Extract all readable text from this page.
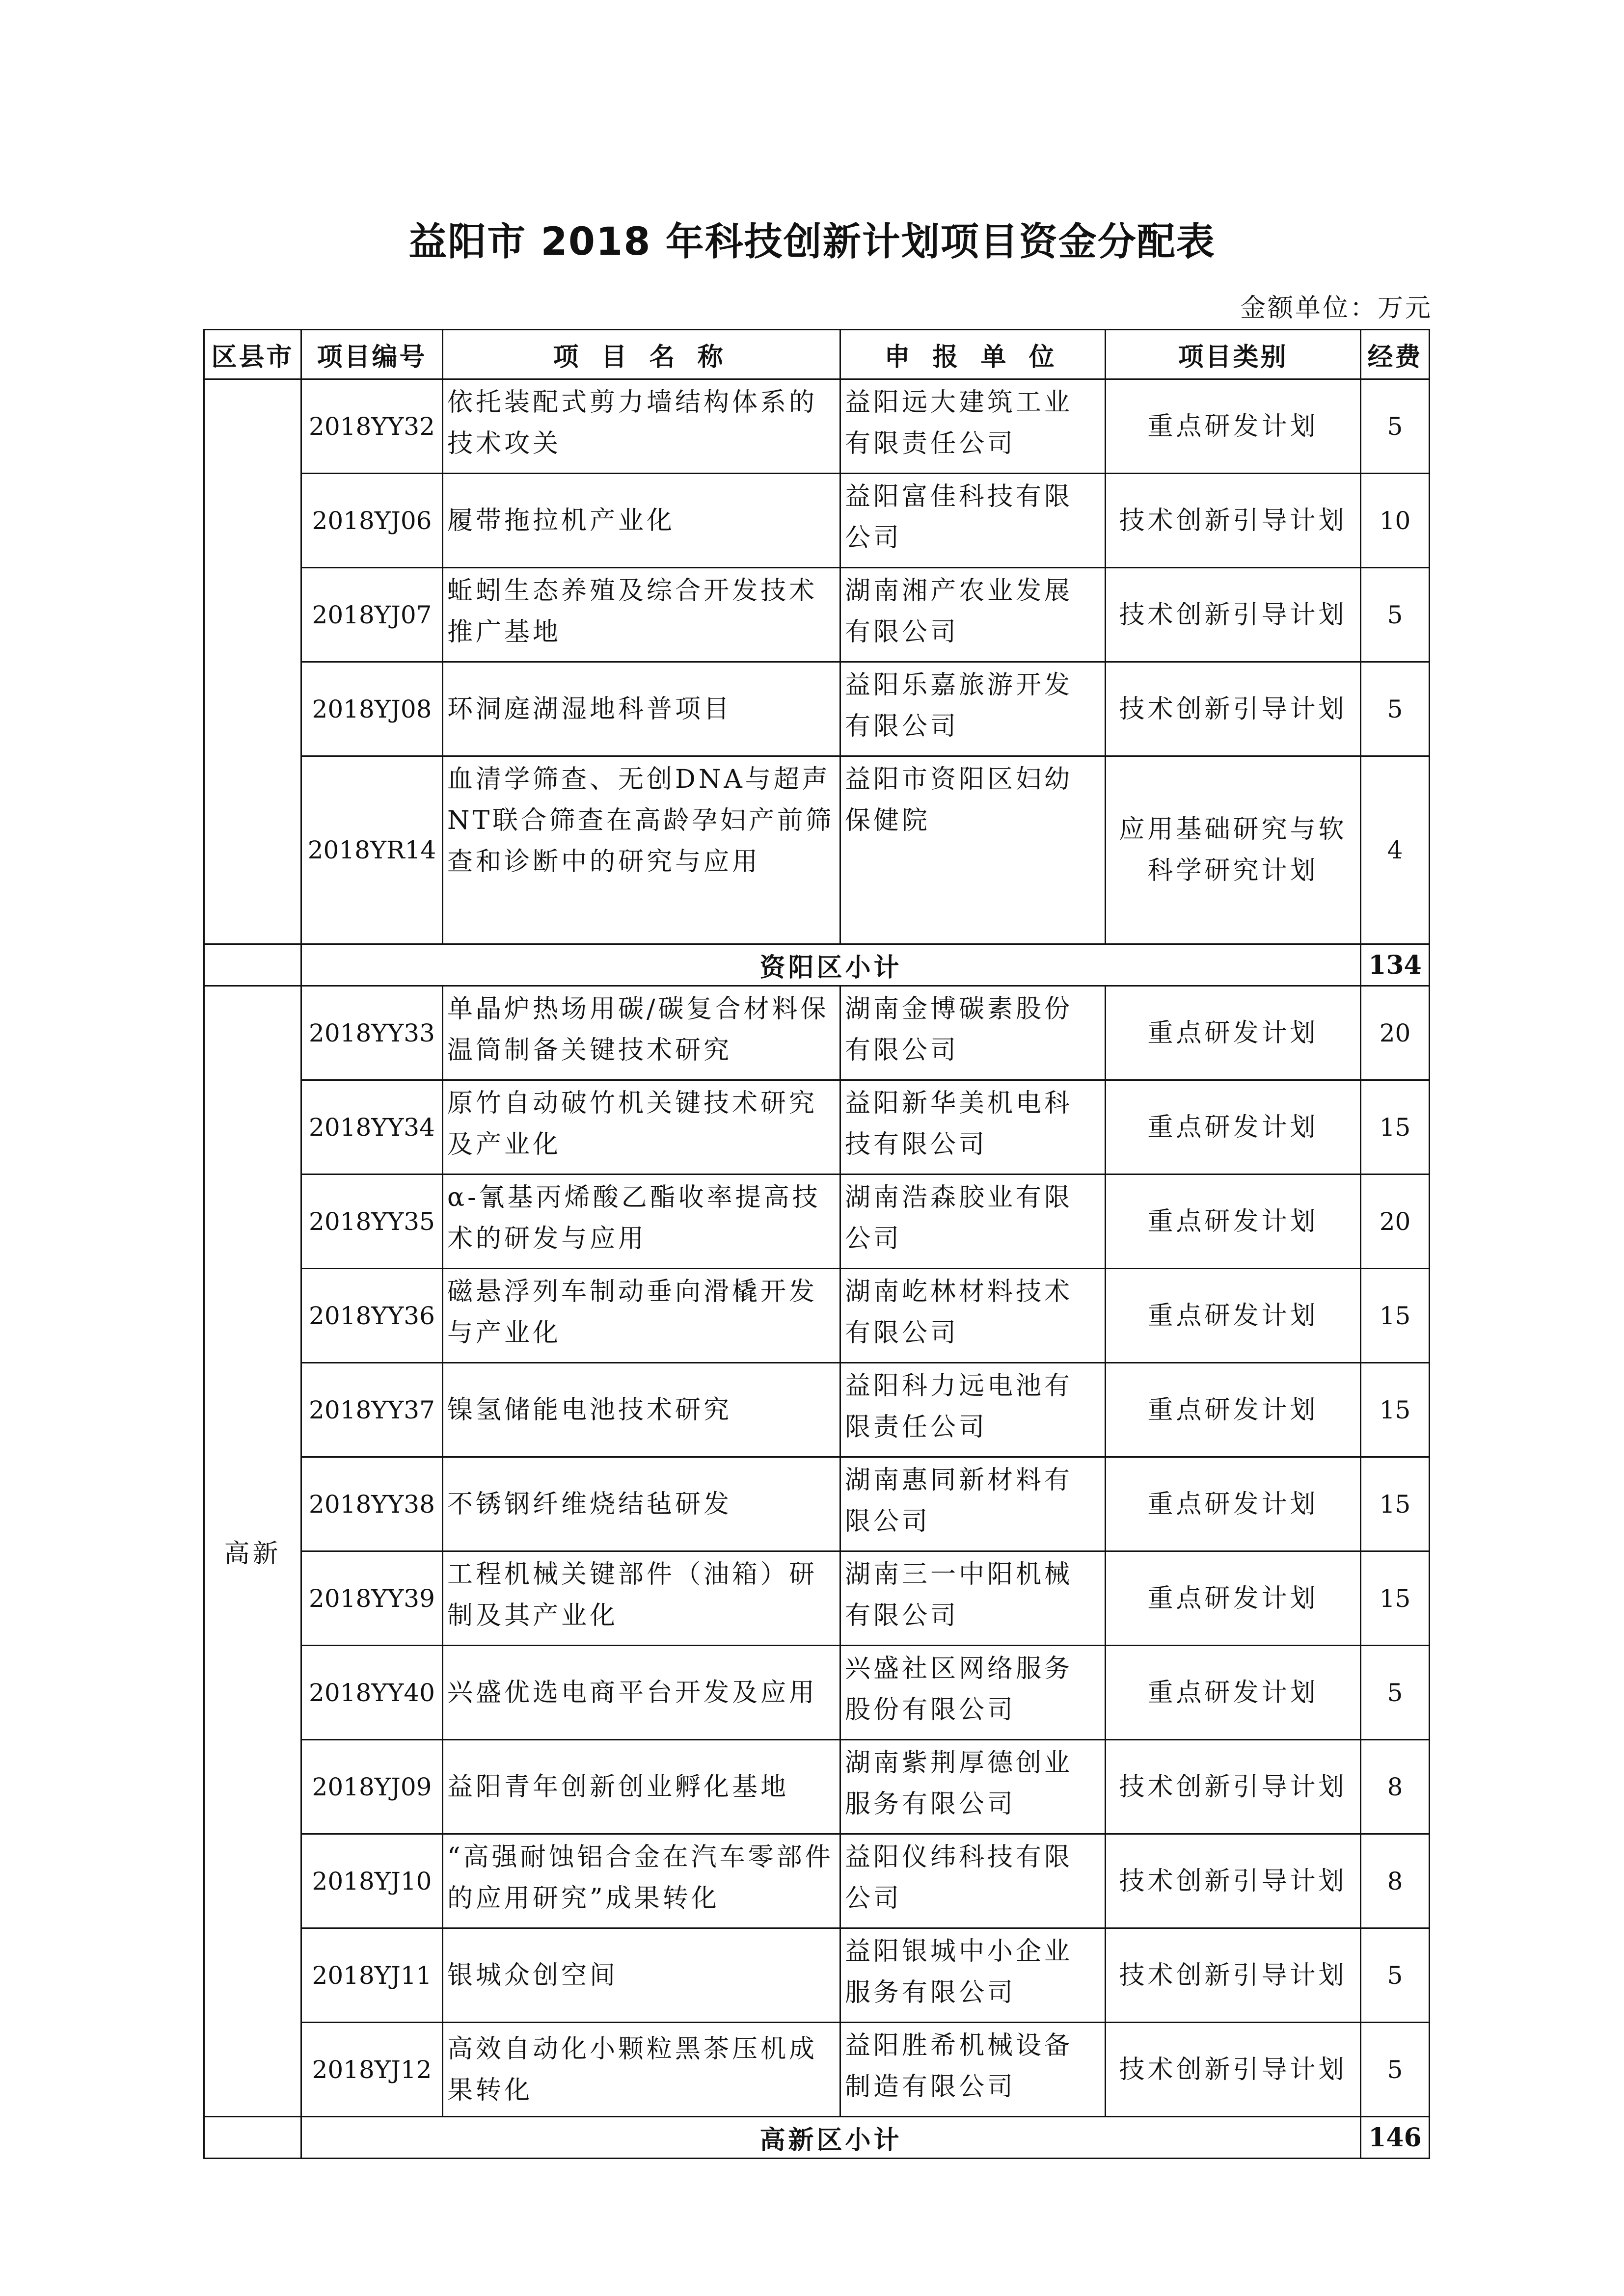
益阳市 2018 年科技创新计划项目资金分配表
金额单位：万元
区县市	项目编号	项 目 名 称	申 报 单 位	项目类别	经费
	2018YY32	依托装配式剪力墙结构体系的技术攻关	益阳远大建筑工业有限责任公司	重点研发计划	5
	2018YJ06	履带拖拉机产业化	益阳富佳科技有限公司	技术创新引导计划	10
	2018YJ07	蚯蚓生态养殖及综合开发技术推广基地	湖南湘产农业发展有限公司	技术创新引导计划	5
	2018YJ08	环洞庭湖湿地科普项目	益阳乐嘉旅游开发有限公司	技术创新引导计划	5
	2018YR14	血清学筛查、无创DNA与超声NT联合筛查在高龄孕妇产前筛查和诊断中的研究与应用	益阳市资阳区妇幼保健院	应用基础研究与软科学研究计划	4
	资阳区小计				134
高新	2018YY33	单晶炉热场用碳/碳复合材料保温筒制备关键技术研究	湖南金博碳素股份有限公司	重点研发计划	20
	2018YY34	原竹自动破竹机关键技术研究及产业化	益阳新华美机电科技有限公司	重点研发计划	15
	2018YY35	α-氰基丙烯酸乙酯收率提高技术的研发与应用	湖南浩森胶业有限公司	重点研发计划	20
	2018YY36	磁悬浮列车制动垂向滑橇开发与产业化	湖南屹林材料技术有限公司	重点研发计划	15
	2018YY37	镍氢储能电池技术研究	益阳科力远电池有限责任公司	重点研发计划	15
	2018YY38	不锈钢纤维烧结毡研发	湖南惠同新材料有限公司	重点研发计划	15
	2018YY39	工程机械关键部件（油箱）研制及其产业化	湖南三一中阳机械有限公司	重点研发计划	15
	2018YY40	兴盛优选电商平台开发及应用	兴盛社区网络服务股份有限公司	重点研发计划	5
	2018YJ09	益阳青年创新创业孵化基地	湖南紫荆厚德创业服务有限公司	技术创新引导计划	8
	2018YJ10	“高强耐蚀铝合金在汽车零部件的应用研究”成果转化	益阳仪纬科技有限公司	技术创新引导计划	8
	2018YJ11	银城众创空间	益阳银城中小企业服务有限公司	技术创新引导计划	5
	2018YJ12	高效自动化小颗粒黑茶压机成果转化	益阳胜希机械设备制造有限公司	技术创新引导计划	5
	高新区小计				146
